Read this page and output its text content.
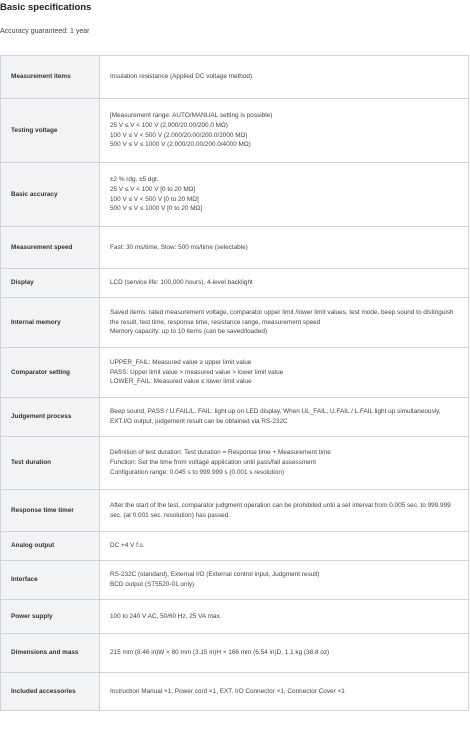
Basic specifications
Accuracy guaranteed: 1 year
Measurement items	Insulation resistance (Applied DC voltage method)

Testing voltage	[Measurement range: AUTO/MANUAL setting is possible)
25 V ≤ V < 100 V (2.000/20.00/200.0 MΩ)
100 V ≤ V < 500 V (2.000/20.00/200.0/2000 MΩ)
500 V ≤ V ≤ 1000 V (2.000/20.00/200.0/4000 MΩ)

Basic accuracy	±2 % rdg. ±5 dgt.
25 V ≤ V < 100 V [0 to 20 MΩ]
100 V ≤ V < 500 V [0 to 20 MΩ]
500 V ≤ V ≤ 1000 V [0 to 20 MΩ]

Measurement speed	Fast: 30 ms/time, Slow: 500 ms/time (selectable)

Display	LCD (service life: 100,000 hours), 4-level backlight

Internal memory	Saved items: rated measurement voltage, comparator upper limit /lower limit values, test mode, beep sound to distinguish the result, test time, response time, resistance range, measurement speed
Memory capacity: up to 10 items (can be saved/loaded)

Comparator setting	UPPER_FAIL: Measured value ≥ upper limit value
PASS: Upper limit value > measured value > lower limit value
LOWER_FAIL: Measured value ≤ lower limit value

Judgement process	Beep sound, PASS / U.FAIL/L. FAIL: light up on LED display, When UL_FAIL, U.FAIL / L.FAIL light up simultaneously, EXT.I/O output, judgement result can be obtained via RS-232C

Test duration	Definition of test duration: Test duration = Response time + Measurement time
Function: Set the time from voltage application until pass/fail assessment
Configuration range: 0.045 s to 999.999 s (0.001 s resolution)

Response time timer	After the start of the test, comparator judgment operation can be prohibited until a set interval from 0.005 sec. to 999.999 sec. (at 0.001 sec. resolution) has passed.

Analog output	DC +4 V f.s.

Interface	RS-232C (standard), External I/O (External control input, Judgment result)
BCD output (ST5520-01 only)

Power supply	100 to 240 V AC, 50/60 Hz, 25 VA max.

Dimensions and mass	215 mm (8.46 in)W × 80 mm (3.15 in)H × 166 mm (6.54 in)D, 1.1 kg (38.8 oz)

Included accessories	Instruction Manual ×1, Power cord ×1, EXT. I/O Connector ×1, Connector Cover ×1
